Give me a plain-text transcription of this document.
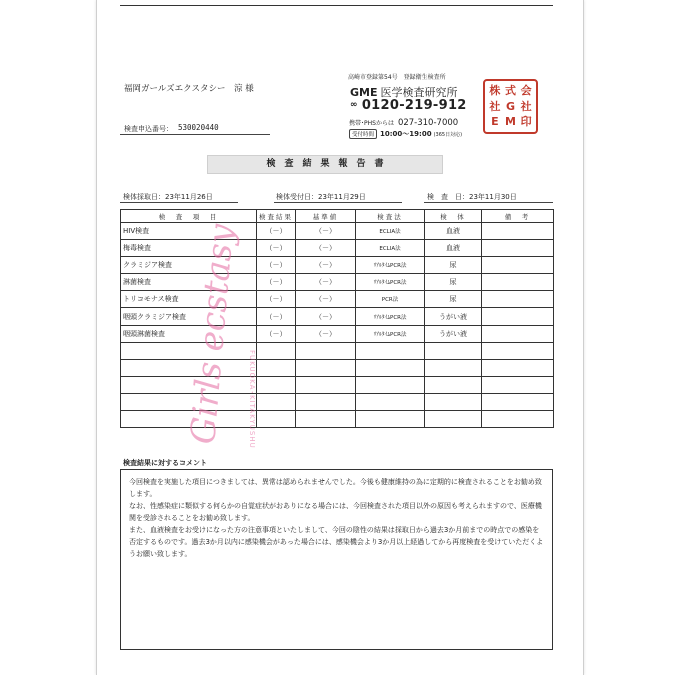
福岡ガールズエクスタシー　涼 様
検査申込番号： 530020440
高崎市登録第54号　登録衛生検査所
GME 医学検査研究所
∞ 0120-219-912
携帯･PHSからは 027-310-7000
受付時間 10:00～19:00 (365日対応)
株 式 会
社 G 社
E M 印
検査結果報告書
検体採取日：23年11月26日	検体受付日：23年11月29日	検　査　日：23年11月30日
検　査　項　目	検査結果	基準値	検査法	検　体	備　考
HIV検査	（－）	（－）	ECLIA法	血液	
梅毒検査	（－）	（－）	ECLIA法	血液	
クラミジア検査	（－）	（－）	ﾘｱﾙﾀｲﾑPCR法	尿	
淋菌検査	（－）	（－）	ﾘｱﾙﾀｲﾑPCR法	尿	
トリコモナス検査	（－）	（－）	PCR法	尿	
咽頭クラミジア検査	（－）	（－）	ﾘｱﾙﾀｲﾑPCR法	うがい液	
咽頭淋菌検査	（－）	（－）	ﾘｱﾙﾀｲﾑPCR法	うがい液	

Girls ecstasy FUKUOKA･KITAKYUSHU
検査結果に対するコメント

今回検査を実施した項目につきましては、異常は認められませんでした。今後も健康維持の為に定期的に検査されることをお勧め致します。

なお、性感染症に類似する何らかの自覚症状がおありになる場合には、今回検査された項目以外の原因も考えられますので、医療機関を受診されることをお勧め致します。

また、血液検査をお受けになった方の注意事項といたしまして、今回の陰性の結果は採取日から過去3か月前までの時点での感染を否定するものです。過去3か月以内に感染機会があった場合には、感染機会より3か月以上経過してから再度検査を受けていただくようお願い致します。
